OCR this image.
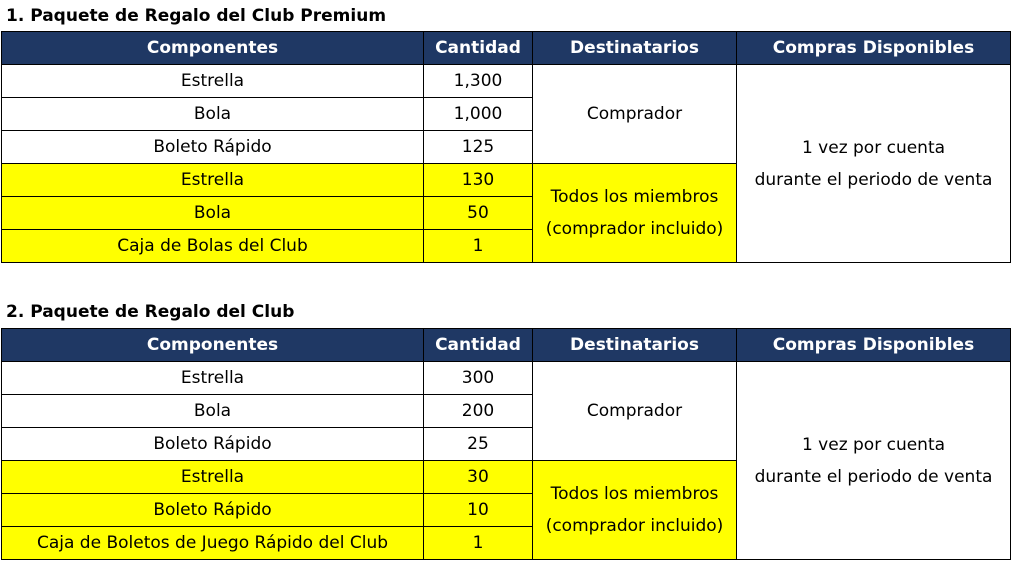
1. Paquete de Regalo del Club Premium
Componentes	Cantidad	Destinatarios	Compras Disponibles
Estrella	1,300	Comprador	1 vez por cuenta
durante el periodo de venta

Bola	1,000		
Boleto Rápido	125		
Estrella	130	Todos los miembros
(comprador incluido)	

Bola	50		
Caja de Bolas del Club	1		
2. Paquete de Regalo del Club
Componentes	Cantidad	Destinatarios	Compras Disponibles
Estrella	300	Comprador	1 vez por cuenta
durante el periodo de venta

Bola	200		
Boleto Rápido	25		
Estrella	30	Todos los miembros
(comprador incluido)	

Boleto Rápido	10		
Caja de Boletos de Juego Rápido del Club	1		
